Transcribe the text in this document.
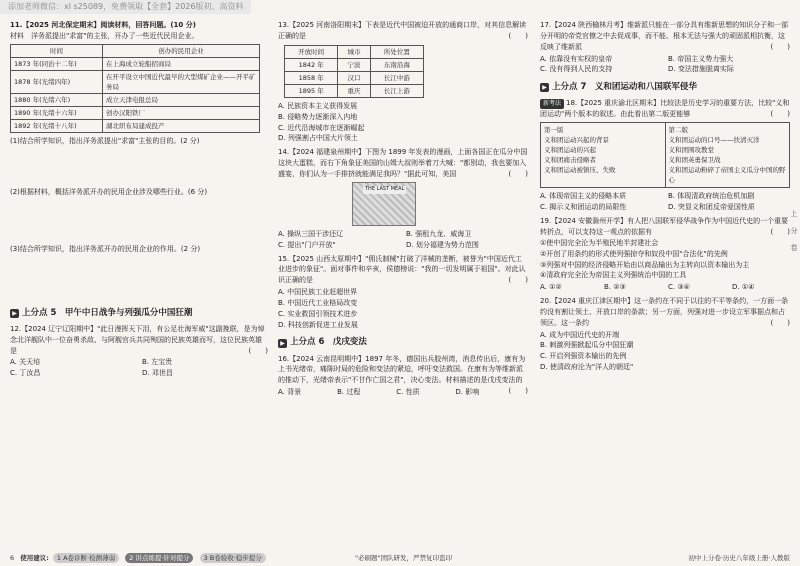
添加老师微信：xl s25089，免费领取【全套】2026版初、高资料

11.【2025 河北保定期末】阅读材料，回答问题。(10 分)

材料　洋务派提出"求富"的主张，开办了一些近代民用企业。

时间	创办的民用企业
1873 年(同治十二年)	在上海成立轮船招商局
1878 年(光绪四年)	在开平设立中国近代最早的大型煤矿企业——开平矿务局
1880 年(光绪六年)	成立天津电报总局
1890 年(光绪十六年)	创办汉阳铁厂
1892 年(光绪十八年)	湖北织布局建成投产

(1)结合所学知识，指出洋务派提出"求富"主张的目的。(2 分)

(2)根据材料，概括洋务派开办的民用企业涉及哪些行业。(6 分)

(3)结合所学知识，指出洋务派开办的民用企业的作用。(2 分)

▶ 上分点 5　甲午中日战争与列强瓜分中国狂潮

12.【2024 辽宁辽阳期中】"此日漫挥天下泪，有公足壮海军威"这副挽联，是为悼念北洋舰队中一位奋勇杀敌、与阿舰官兵共同殉国的民族英雄而写，这位民族英雄是	(　　)

A. 关天培	B. 左宝贵
C. 丁汝昌	D. 邓世昌

13.【2025 河南洛阳期末】下表是近代中国被迫开放的通商口岸，对其信息解读正确的是	(　　)

开放时间	城市	所处位置
1842 年	宁波	东南沿海
1858 年	汉口	长江中游
1895 年	重庆	长江上游
A. 民族资本主义获得发展
B. 侵略势力逐渐深入内地
C. 近代沿海城市在逐渐崛起
D. 列强割占中国大片领土

14.【2024 福建泉州期中】下图为 1899 年发表的漫画，上面各国正在瓜分中国这块大蛋糕，而右下角象征美国的山姆大叔则举着刀大喊："都别动，我也要加入盛宴，你们认为一手排挤就能满足我吗？"据此可知，美国	(　　)

THE LAST MEAL
A. 操纵三国干涉还辽	B. 强租九龙、威海卫
C. 提出"门户开放"	D. 划分福建为势力范围

15.【2025 山西太原期中】"佣氏制械"打破了洋械的垄断，被誉为"中国近代工业进步的象征"。面对事件和辛亥，侯德榜说："我的一切发明属于祖国"。对此认识正确的是	(　　)

A. 中国民族工业赶超世界
B. 中国近代工业格局改变
C. 实业救国引领技术进步
D. 科技创新促进工业发展
▶ 上分点 6　戊戌变法

16.【2024 云南昆明期中】1897 年冬，德国出兵胶州湾，消息传出后，康有为上书光绪帝，痛陈时局的危险和变法的紧迫，呼吁变法救国。在康有为等维新派的推动下，光绪帝表示"不甘作亡国之君"，决心变法。材料描述的是戊戌变法的
(　　)

A. 背景	B. 过程	C. 性质	D. 影响

17.【2024 陕西榆林月考】维新派只能在一部分具有维新思想的知识分子和一部分开明的帝党官僚之中去促成事，而不能、根本无法与强大的顽固派相抗衡，这反映了维新派	(　　)

A. 依靠没有实权的皇帝	B. 帝国主义势力强大
C. 没有得到人民的支持	D. 变法措施脱离实际
▶ 上分点 7　义和团运动和八国联军侵华

新考法 18.【2025 重庆渝北区期末】比较法是历史学习的重要方法，比较"义和团运动"两个版本的叙述。由此看出第二版更能够	(　　)

第一版
义和团运动兴起的背景
义和团运动的兴起
义和团痛击侵略者
义和团运动被镇压、失败
第二版
义和团运动的口号——扶清灭洋
义和团围攻教堂
义和团英勇保卫战
义和团运动粉碎了帝国主义瓜分中国的野心
A. 体现帝国主义的侵略本质	B. 体现清政府统治危机加剧
C. 揭示义和团运动的局限性	D. 突显义和团反帝爱国性质

19.【2024 安徽滁州开学】有人把八国联军侵华战争作为中国近代史的一个重要转折点，可以支持这一观点的依据有	(　　)

①使中国完全沦为半殖民地半封建社会
②开创了用条约的形式使列强掠夺和奴役中国"合法化"的先例
③列强对中国的经济侵略开始由以商品输出为主转向以资本输出为主
④清政府完全沦为帝国主义列强统治中国的工具
A. ①②	B. ②③	C. ③④	D. ①④

20.【2024 重庆江津区期中】这一条约在不同于以往的不平等条约，一方面一条约没有割让领土、开放口岸的条款；另一方面，列强对进一步设立军事据点和占领区。这一条约	(　　)

A. 成为中国近代史的开端
B. 刺激列强掀起瓜分中国狂潮
C. 开启列强资本输出的先例
D. 使清政府沦为"洋人的朝廷"
上分卷
6 使用建议: 1 A卷诊断·检测薄弱 2 讲点练提·针对提分 3 B卷验收·稳步提分	"必刷题"团队研发，严禁复印盗印	初中上分卷·历史八年级上册·人教版
